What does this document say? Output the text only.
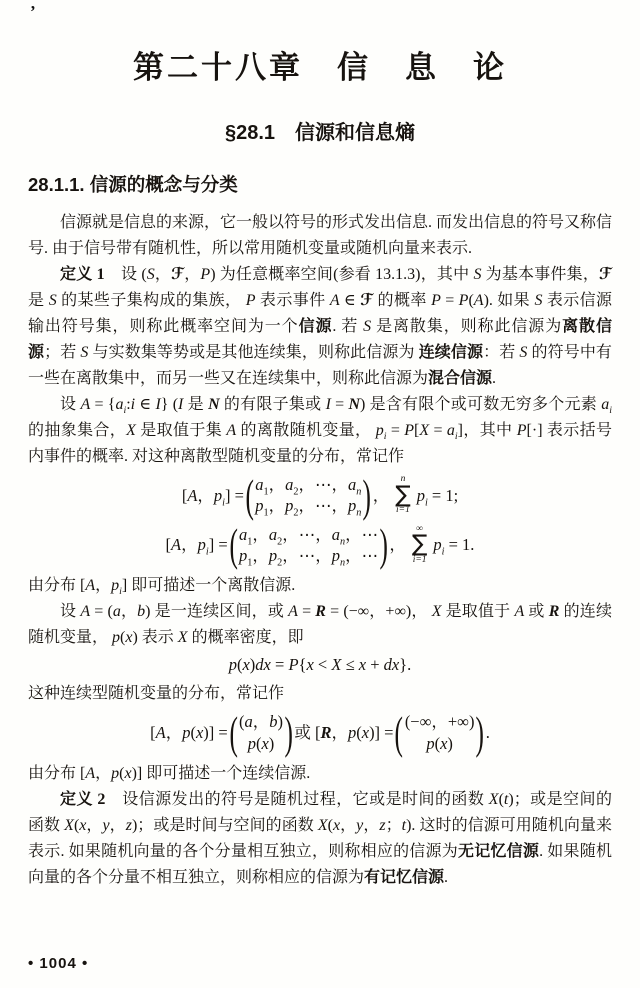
’
第二十八章　信　息　论
§28.1　信源和信息熵
28.1.1. 信源的概念与分类

信源就是信息的来源，它一般以符号的形式发出信息. 而发出信息的符号又称信号. 由于信号带有随机性，所以常用随机变量或随机向量来表示.

定义 1　设 (S，ℱ，P) 为任意概率空间(参看 13.1.3)，其中 S 为基本事件集，ℱ 是 S 的某些子集构成的集族， P 表示事件 A ∈ ℱ 的概率 P = P(A). 如果 S 表示信源输出符号集，则称此概率空间为一个信源. 若 S 是离散集，则称此信源为离散信源；若 S 与实数集等势或是其他连续集，则称此信源为 连续信源：若 S 的符号中有一些在离散集中，而另一些又在连续集中，则称此信源为混合信源.

设 $A = \{a_i:i$ ∈ I} (I 是 N 的有限子集或 I = N) 是含有限个或可数无穷多个元素 $a_i$ 的抽象集合，X 是取值于集 A 的离散随机变量， $p_i = P[X = a_i]$，其中 P[·] 表示括号内事件的概率. 对这种离散型随机变量的分布，常记作

[A，$p_i$] = ( $a_1$，$a_2$，⋯，$a_n$
$p_1$，$p_2$，⋯，$p_n$ ) ，
n
∑
i=1
$p_i = 1$;
[A，$p_i$] = ( $a_1$，$a_2$，⋯，$a_n$，⋯
$p_1$，$p_2$，⋯，$p_n$，⋯ ) ，
∞
∑
i=1
$p_i = 1$.

由分布 [A，$p_i$] 即可描述一个离散信源.

设 A = (a，b) 是一连续区间，或 A = R = (−∞，+∞)， X 是取值于 A 或 R 的连续随机变量， p(x) 表示 X 的概率密度，即

p(x)dx = P{x < X ≤ x + dx}.

这种连续型随机变量的分布，常记作

[A，p(x)] = ( (a，b)
p(x) ) 或 [R，p(x)] = ( (−∞，+∞)
p(x) ) .

由分布 [A，p(x)] 即可描述一个连续信源.

定义 2　设信源发出的符号是随机过程，它或是时间的函数 X(t)；或是空间的函数 X(x，y，z)；或是时间与空间的函数 X(x，y，z；t). 这时的信源可用随机向量来表示. 如果随机向量的各个分量相互独立，则称相应的信源为无记忆信源. 如果随机向量的各个分量不相互独立，则称相应的信源为有记忆信源.

• 1004 •
